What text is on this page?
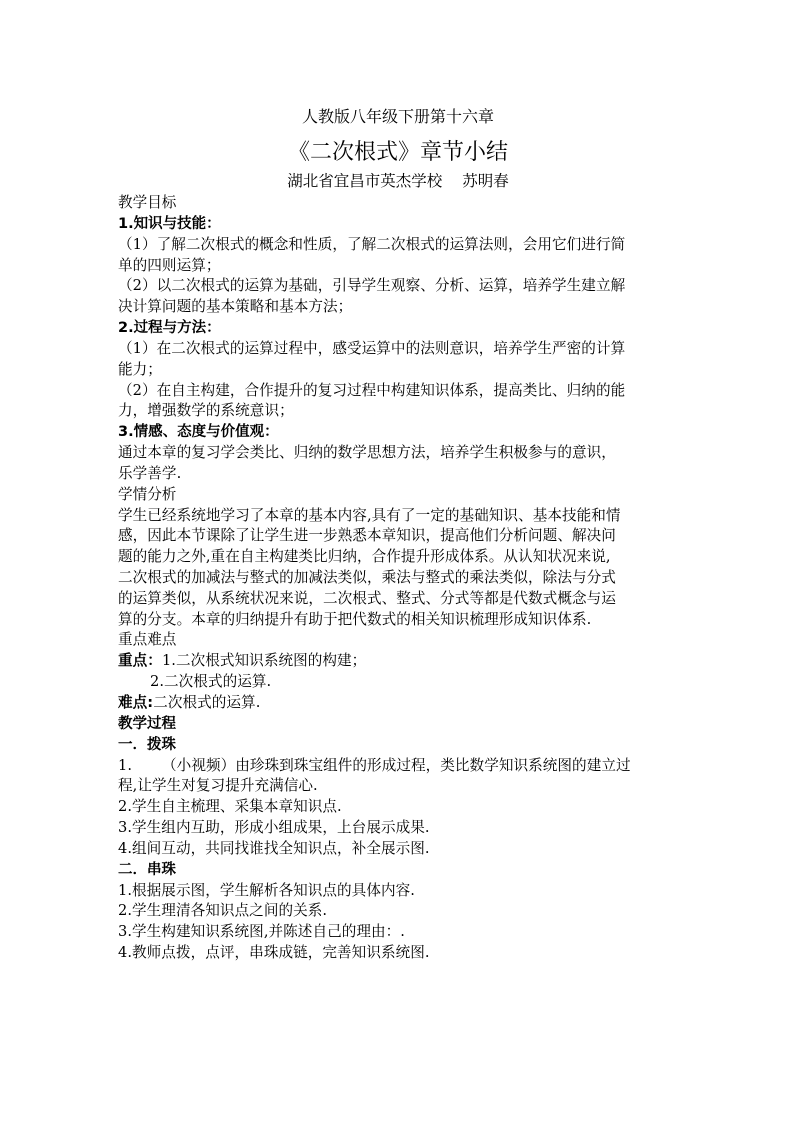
人教版八年级下册第十六章
《二次根式》章节小结
湖北省宜昌市英杰学校 苏明春
教学目标
1.知识与技能：
（1）了解二次根式的概念和性质，了解二次根式的运算法则，会用它们进行简
单的四则运算；
（2）以二次根式的运算为基础，引导学生观察、分析、运算，培养学生建立解
决计算问题的基本策略和基本方法；
2.过程与方法：
（1）在二次根式的运算过程中，感受运算中的法则意识，培养学生严密的计算
能力；
（2）在自主构建，合作提升的复习过程中构建知识体系，提高类比、归纳的能
力，增强数学的系统意识；
3.情感、态度与价值观：
通过本章的复习学会类比、归纳的数学思想方法，培养学生积极参与的意识，
乐学善学.
学情分析
学生已经系统地学习了本章的基本内容,具有了一定的基础知识、基本技能和情
感，因此本节课除了让学生进一步熟悉本章知识，提高他们分析问题、解决问
题的能力之外,重在自主构建类比归纳，合作提升形成体系。从认知状况来说,
二次根式的加减法与整式的加减法类似，乘法与整式的乘法类似，除法与分式
的运算类似，从系统状况来说，二次根式、整式、分式等都是代数式概念与运
算的分支。本章的归纳提升有助于把代数式的相关知识梳理形成知识体系.
重点难点
重点：1.二次根式知识系统图的构建；
2.二次根式的运算.
难点:二次根式的运算.
教学过程
一．拨珠
1. （小视频）由珍珠到珠宝组件的形成过程，类比数学知识系统图的建立过
程,让学生对复习提升充满信心.
2.学生自主梳理、采集本章知识点.
3.学生组内互助，形成小组成果，上台展示成果.
4.组间互动，共同找谁找全知识点，补全展示图.
二．串珠
1.根据展示图，学生解析各知识点的具体内容.
2.学生理清各知识点之间的关系.
3.学生构建知识系统图,并陈述自己的理由：.
4.教师点拨，点评，串珠成链，完善知识系统图.
